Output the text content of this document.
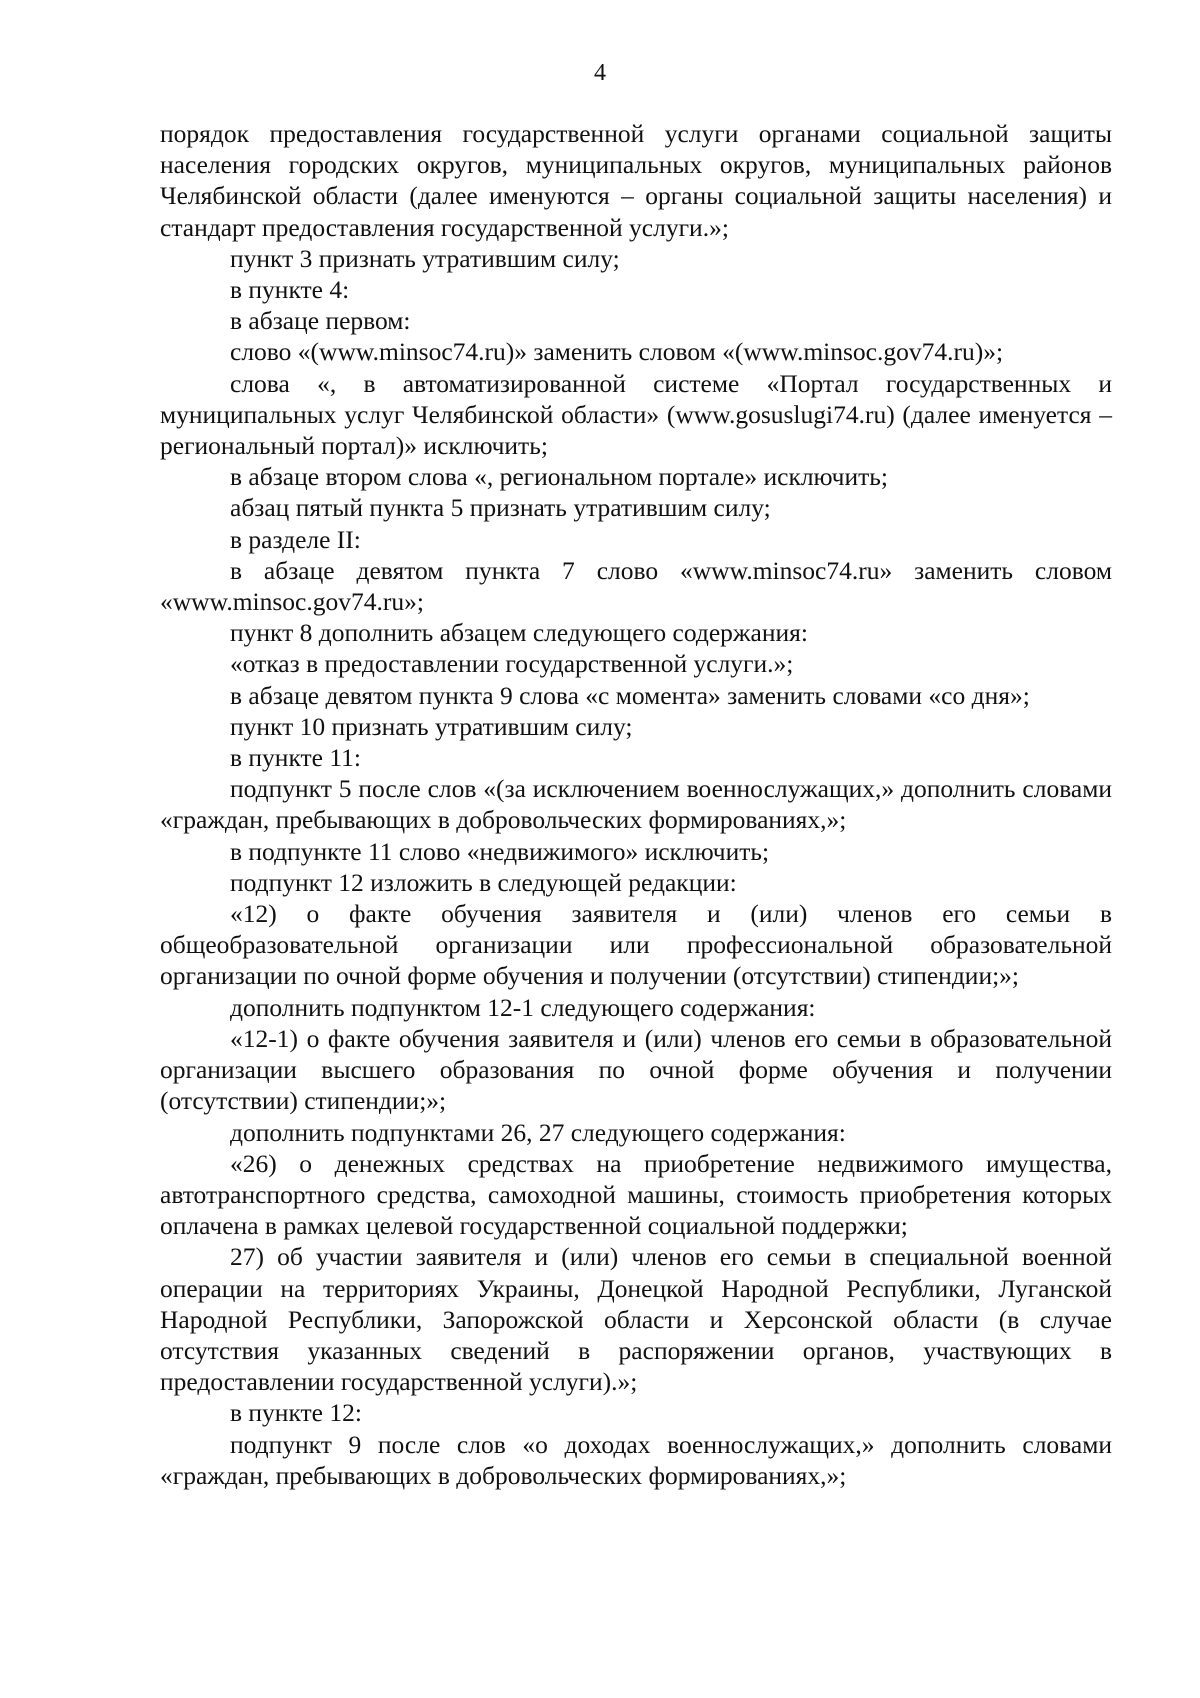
4

порядок предоставления государственной услуги органами социальной защиты населения городских округов, муниципальных округов, муниципальных районов Челябинской области (далее именуются – органы социальной защиты населения) и стандарт предоставления государственной услуги.»;

пункт 3 признать утратившим силу;

в пункте 4:

в абзаце первом:

слово «(www.minsoc74.ru)» заменить словом «(www.minsoc.gov74.ru)»;

слова «, в автоматизированной системе «Портал государственных и муниципальных услуг Челябинской области» (www.gosuslugi74.ru) (далее именуется – региональный портал)» исключить;

в абзаце втором слова «, региональном портале» исключить;

абзац пятый пункта 5 признать утратившим силу;

в разделе II:

в абзаце девятом пункта 7 слово «www.minsoc74.ru» заменить словом «www.minsoc.gov74.ru»;

пункт 8 дополнить абзацем следующего содержания:

«отказ в предоставлении государственной услуги.»;

в абзаце девятом пункта 9 слова «с момента» заменить словами «со дня»;

пункт 10 признать утратившим силу;

в пункте 11:

подпункт 5 после слов «(за исключением военнослужащих,» дополнить словами «граждан, пребывающих в добровольческих формированиях,»;

в подпункте 11 слово «недвижимого» исключить;

подпункт 12 изложить в следующей редакции:

«12) о факте обучения заявителя и (или) членов его семьи в общеобразовательной организации или профессиональной образовательной организации по очной форме обучения и получении (отсутствии) стипендии;»;

дополнить подпунктом 12-1 следующего содержания:

«12-1) о факте обучения заявителя и (или) членов его семьи в образовательной организации высшего образования по очной форме обучения и получении (отсутствии) стипендии;»;

дополнить подпунктами 26, 27 следующего содержания:

«26) о денежных средствах на приобретение недвижимого имущества, автотранспортного средства, самоходной машины, стоимость приобретения которых оплачена в рамках целевой государственной социальной поддержки;

27) об участии заявителя и (или) членов его семьи в специальной военной операции на территориях Украины, Донецкой Народной Республики, Луганской Народной Республики, Запорожской области и Херсонской области (в случае отсутствия указанных сведений в распоряжении органов, участвующих в предоставлении государственной услуги).»;

в пункте 12:

подпункт 9 после слов «о доходах военнослужащих,» дополнить словами «граждан, пребывающих в добровольческих формированиях,»;
